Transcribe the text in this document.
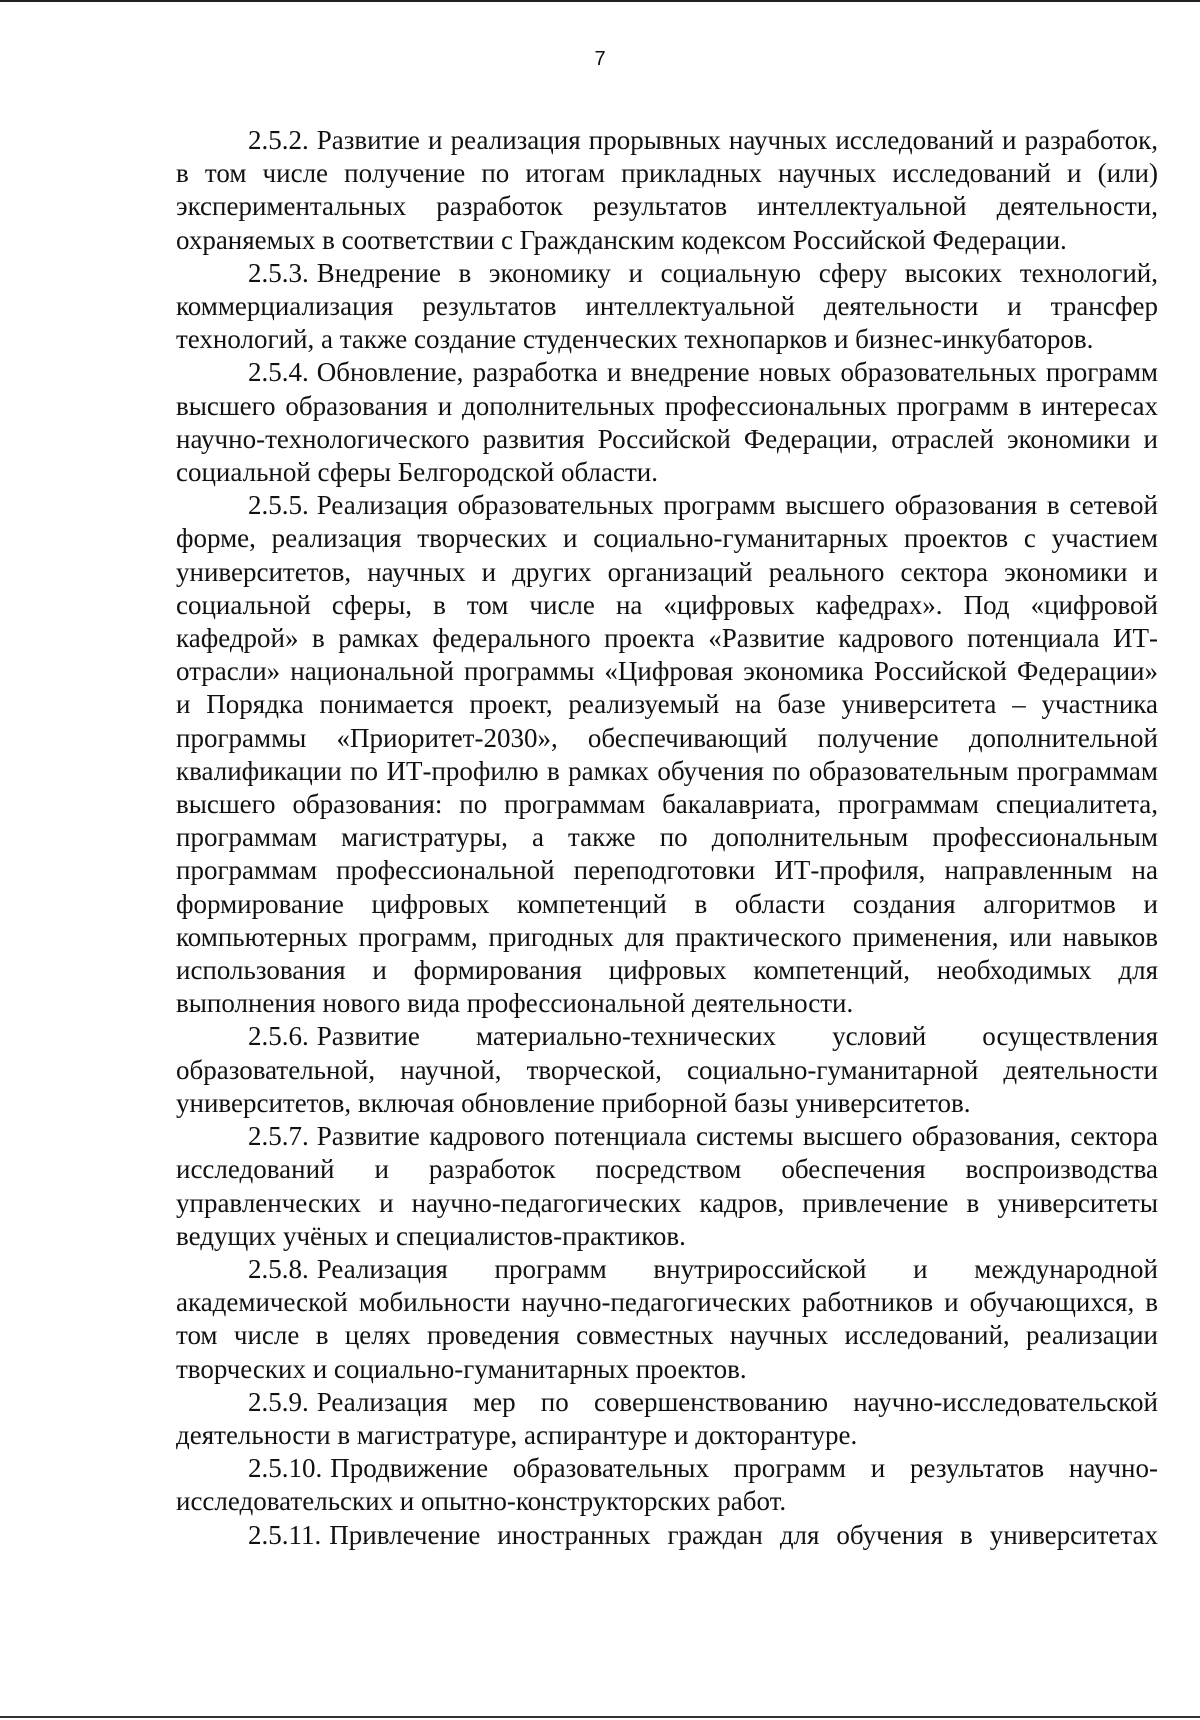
7

2.5.2. Развитие и реализация прорывных научных исследований и разработок, в том числе получение по итогам прикладных научных исследований и (или) экспериментальных разработок результатов интеллектуальной деятельности, охраняемых в соответствии с Гражданским кодексом Российской Федерации.

2.5.3. Внедрение в экономику и социальную сферу высоких технологий, коммерциализация результатов интеллектуальной деятельности и трансфер технологий, а также создание студенческих технопарков и бизнес-инкубаторов.

2.5.4. Обновление, разработка и внедрение новых образовательных программ высшего образования и дополнительных профессиональных программ в интересах научно-технологического развития Российской Федерации, отраслей экономики и социальной сферы Белгородской области.

2.5.5. Реализация образовательных программ высшего образования в сетевой форме, реализация творческих и социально-гуманитарных проектов с участием университетов, научных и других организаций реального сектора экономики и социальной сферы, в том числе на «цифровых кафедрах». Под «цифровой кафедрой» в рамках федерального проекта «Развитие кадрового потенциала ИТ-отрасли» национальной программы «Цифровая экономика Российской Федерации» и Порядка понимается проект, реализуемый на базе университета – участника программы «Приоритет-2030», обеспечивающий получение дополнительной квалификации по ИТ-профилю в рамках обучения по образовательным программам высшего образования: по программам бакалавриата, программам специалитета, программам магистратуры, а также по дополнительным профессиональным программам профессиональной переподготовки ИТ-профиля, направленным на формирование цифровых компетенций в области создания алгоритмов и компьютерных программ, пригодных для практического применения, или навыков использования и формирования цифровых компетенций, необходимых для выполнения нового вида профессиональной деятельности.

2.5.6. Развитие материально-технических условий осуществления образовательной, научной, творческой, социально-гуманитарной деятельности университетов, включая обновление приборной базы университетов.

2.5.7. Развитие кадрового потенциала системы высшего образования, сектора исследований и разработок посредством обеспечения воспроизводства управленческих и научно-педагогических кадров, привлечение в университеты ведущих учёных и специалистов-практиков.

2.5.8. Реализация программ внутрироссийской и международной академической мобильности научно-педагогических работников и обучающихся, в том числе в целях проведения совместных научных исследований, реализации творческих и социально-гуманитарных проектов.

2.5.9. Реализация мер по совершенствованию научно-исследовательской деятельности в магистратуре, аспирантуре и докторантуре.

2.5.10. Продвижение образовательных программ и результатов научно-исследовательских и опытно-конструкторских работ.

2.5.11. Привлечение иностранных граждан для обучения в университетах
